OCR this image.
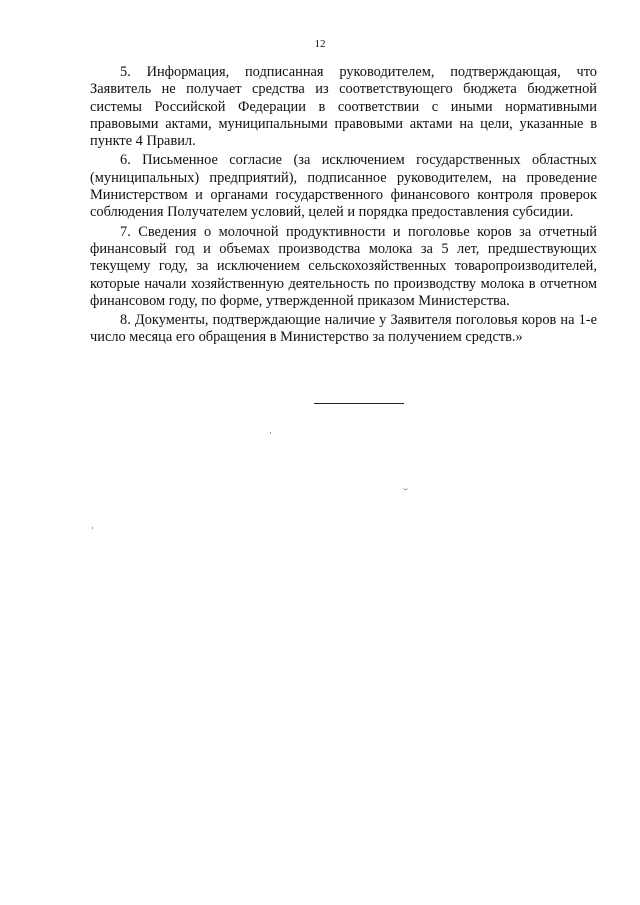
12

5. Информация, подписанная руководителем, подтверждающая, что Заявитель не получает средства из соответствующего бюджета бюджетной системы Российской Федерации в соответствии с иными нормативными правовыми актами, муниципальными правовыми актами на цели, указанные в пункте 4 Правил.

6. Письменное согласие (за исключением государственных областных (муниципальных) предприятий), подписанное руководителем, на проведение Министерством и органами государственного финансового контроля проверок соблюдения Получателем условий, целей и порядка предоставления субсидии.

7. Сведения о молочной продуктивности и поголовье коров за отчетный финансовый год и объемах производства молока за 5 лет, предшествующих текущему году, за исключением сельскохозяйственных товаропроизводителей, которые начали хозяйственную деятельность по производству молока в отчетном финансовом году, по форме, утвержденной приказом Министерства.

8. Документы, подтверждающие наличие у Заявителя поголовья коров на 1-е число месяца его обращения в Министерство за получением средств.»
